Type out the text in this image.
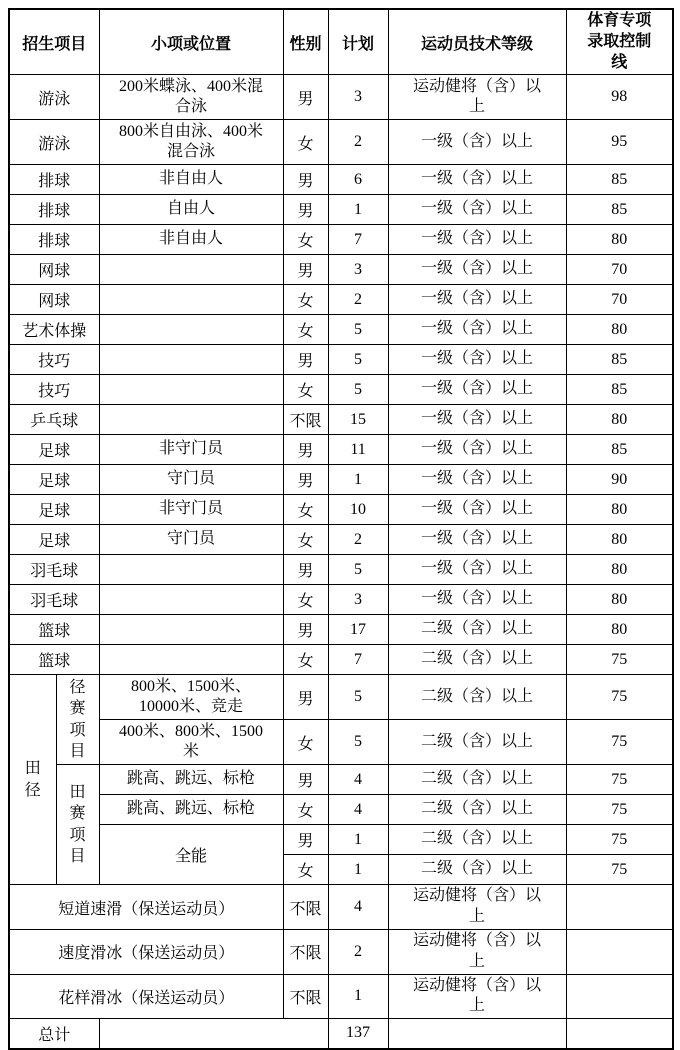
招生项目		小项或位置	性别	计划	运动员技术等级	体育专项录取控制线
游泳		200米蝶泳、400米混合泳	男	3	运动健将（含）以上	98
游泳		800米自由泳、400米混合泳	女	2	一级（含）以上	95
排球		非自由人	男	6	一级（含）以上	85
排球		自由人	男	1	一级（含）以上	85
排球		非自由人	女	7	一级（含）以上	80
网球			男	3	一级（含）以上	70
网球			女	2	一级（含）以上	70
艺术体操			女	5	一级（含）以上	80
技巧			男	5	一级（含）以上	85
技巧			女	5	一级（含）以上	85
乒乓球			不限	15	一级（含）以上	80
足球		非守门员	男	11	一级（含）以上	85
足球		守门员	男	1	一级（含）以上	90
足球		非守门员	女	10	一级（含）以上	80
足球		守门员	女	2	一级（含）以上	80
羽毛球			男	5	一级（含）以上	80
羽毛球			女	3	一级（含）以上	80
篮球			男	17	二级（含）以上	80
篮球			女	7	二级（含）以上	75
田径	径赛项目	800米、1500米、10000米、竞走	男	5	二级（含）以上	75
		400米、800米、1500米	女	5	二级（含）以上	75
	田赛项目	跳高、跳远、标枪	男	4	二级（含）以上	75
		跳高、跳远、标枪	女	4	二级（含）以上	75
		全能	男	1	二级（含）以上	75
			女	1	二级（含）以上	75
短道速滑（保送运动员）			不限	4	运动健将（含）以上	
速度滑冰（保送运动员）			不限	2	运动健将（含）以上	
花样滑冰（保送运动员）			不限	1	运动健将（含）以上	
总计				137		
